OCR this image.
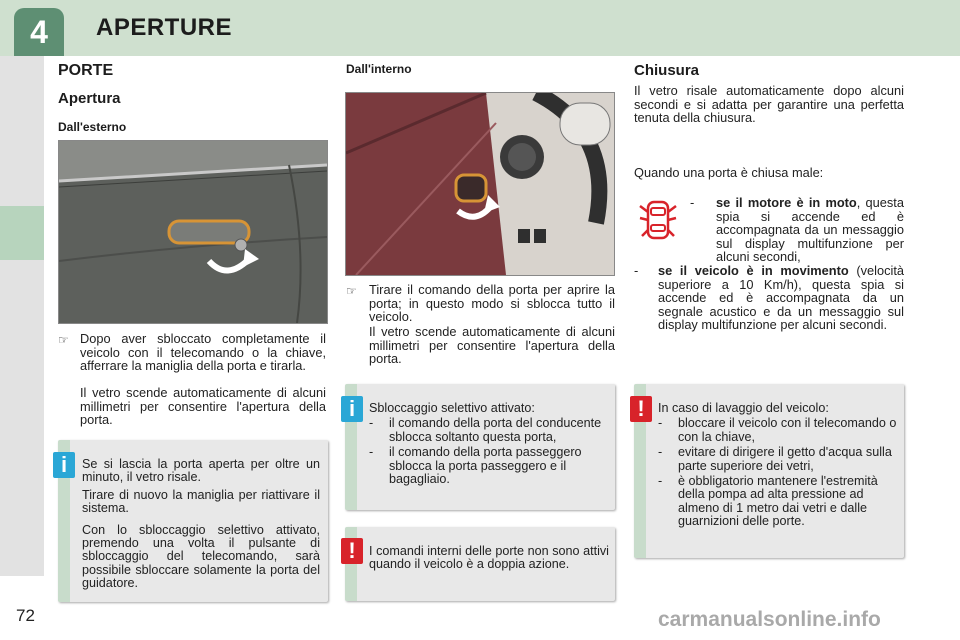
4	APERTURE
72	carmanualsonline.info
PORTE
Apertura
Dall'esterno
☞ Dopo aver sbloccato completamente il veicolo con il telecomando o la chiave, afferrare la maniglia della porta e tirarla.
Il vetro scende automaticamente di alcuni millimetri per consentire l'apertura della porta.
Se si lascia la porta aperta per oltre un minuto, il vetro risale.
Tirare di nuovo la maniglia per riattivare il sistema.
Con lo sbloccaggio selettivo attivato, premendo una volta il pulsante di sbloccaggio del telecomando, sarà possibile sbloccare solamente la porta del guidatore.
i
Dall'interno
☞ Tirare il comando della porta per aprire la porta; in questo modo si sblocca tutto il veicolo.
Il vetro scende automaticamente di alcuni millimetri per consentire l'apertura della porta.
Sbloccaggio selettivo attivato:
- il comando della porta del conducente sblocca soltanto questa porta,
- il comando della porta passeggero sblocca la porta passeggero e il bagagliaio.
i
I comandi interni delle porte non sono attivi quando il veicolo è a doppia azione.
!
Chiusura
Il vetro risale automaticamente dopo alcuni secondi e si adatta per garantire una perfetta tenuta della chiusura.
Quando una porta è chiusa male:
-	se il motore è in moto, questa spia si accende ed è accompagnata da un messaggio sul display multifunzione per alcuni secondi,
-	se il veicolo è in movimento (velocità superiore a 10 Km/h), questa spia si accende ed è accompagnata da un segnale acustico e da un messaggio sul display multifunzione per alcuni secondi.
In caso di lavaggio del veicolo:
- bloccare il veicolo con il telecomando o con la chiave,
- evitare di dirigere il getto d'acqua sulla parte superiore dei vetri,
- è obbligatorio mantenere l'estremità della pompa ad alta pressione ad almeno di 1 metro dai vetri e dalle guarnizioni delle porte.
!
